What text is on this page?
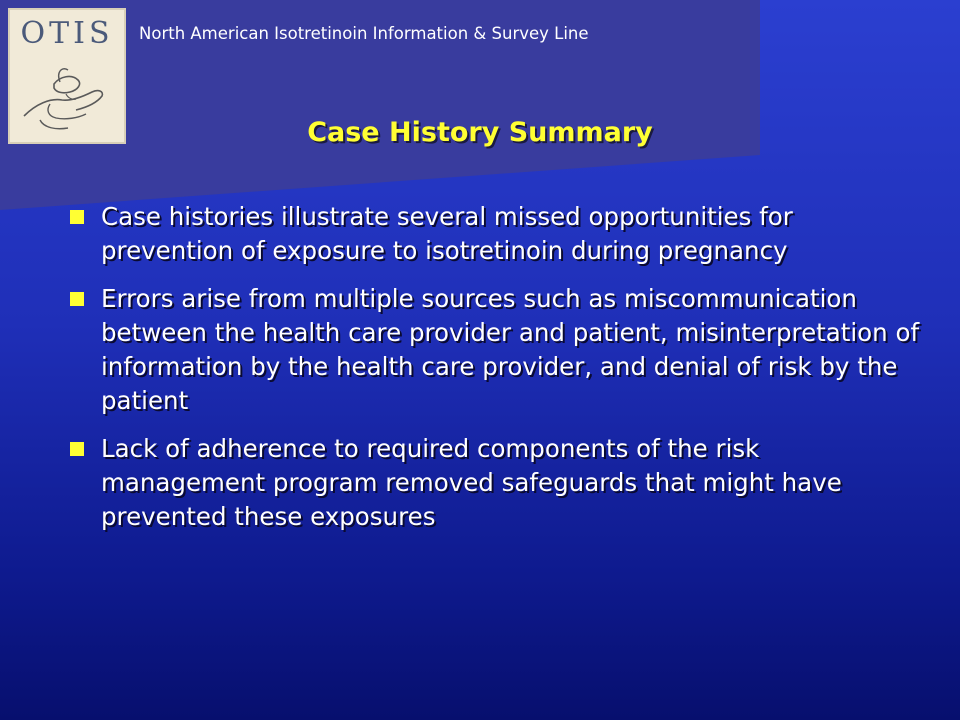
OTIS	North American Isotretinoin Information & Survey Line
Case History Summary
Case histories illustrate several missed opportunities for prevention of exposure to isotretinoin during pregnancy
Errors arise from multiple sources such as miscommunication between the health care provider and patient, misinterpretation of information by the health care provider, and denial of risk by the patient
Lack of adherence to required components of the risk management program removed safeguards that might have prevented these exposures
